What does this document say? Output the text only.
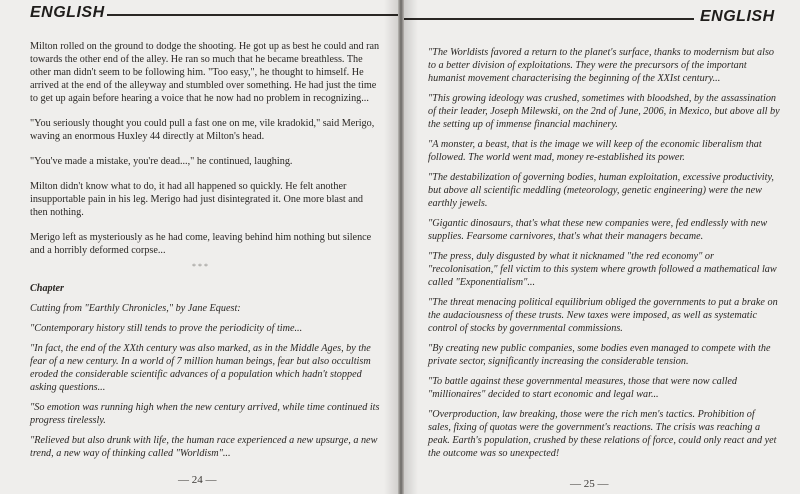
ENGLISH

Milton rolled on the ground to dodge the shooting. He got up as best he could and ran towards the other end of the alley. He ran so much that he became breathless. The other man didn't seem to be following him. "Too easy,", he thought to himself. He arrived at the end of the alleyway and stumbled over something. He had just the time to get up again before hearing a voice that he now had no problem in recognizing...

"You seriously thought you could pull a fast one on me, vile kradokid," said Merigo, waving an enormous Huxley 44 directly at Milton's head.

"You've made a mistake, you're dead...," he continued, laughing.

Milton didn't know what to do, it had all happened so quickly. He felt another insupportable pain in his leg. Merigo had just disintegrated it. One more blast and then nothing.

Merigo left as mysteriously as he had come, leaving behind him nothing but silence and a horribly deformed corpse...

***

Chapter

Cutting from "Earthly Chronicles," by Jane Equest:

"Contemporary history still tends to prove the periodicity of time...

"In fact, the end of the XXth century was also marked, as in the Middle Ages, by the fear of a new century. In a world of 7 million human beings, fear but also occultism eroded the considerable scientific advances of a population which hadn't stopped asking questions...

"So emotion was running high when the new century arrived, while time continued its progress tirelessly.

"Relieved but also drunk with life, the human race experienced a new upsurge, a new trend, a new way of thinking called "Worldism"...

— 24 —
ENGLISH

"The Worldists favored a return to the planet's surface, thanks to modernism but also to a better division of exploitations. They were the precursors of the important humanist movement characterising the beginning of the XXIst century...

"This growing ideology was crushed, sometimes with bloodshed, by the assassination of their leader, Joseph Milewski, on the 2nd of June, 2006, in Mexico, but above all by the setting up of immense financial machinery.

"A monster, a beast, that is the image we will keep of the economic liberalism that followed. The world went mad, money re-established its power.

"The destabilization of governing bodies, human exploitation, excessive productivity, but above all scientific meddling (meteorology, genetic engineering) were the new earthly jewels.

"Gigantic dinosaurs, that's what these new companies were, fed endlessly with new supplies. Fearsome carnivores, that's what their managers became.

"The press, duly disgusted by what it nicknamed "the red economy" or "recolonisation," fell victim to this system where growth followed a mathematical law called "Exponentialism"...

"The threat menacing political equilibrium obliged the governments to put a brake on the audaciousness of these trusts. New taxes were imposed, as well as systematic control of stocks by governmental commissions.

"By creating new public companies, some bodies even managed to compete with the private sector, significantly increasing the considerable tension.

"To battle against these governmental measures, those that were now called "millionaires" decided to start economic and legal war...

"Overproduction, law breaking, those were the rich men's tactics. Prohibition of sales, fixing of quotas were the government's reactions. The crisis was reaching a peak. Earth's population, crushed by these relations of force, could only react and yet the outcome was so unexpected!

— 25 —
